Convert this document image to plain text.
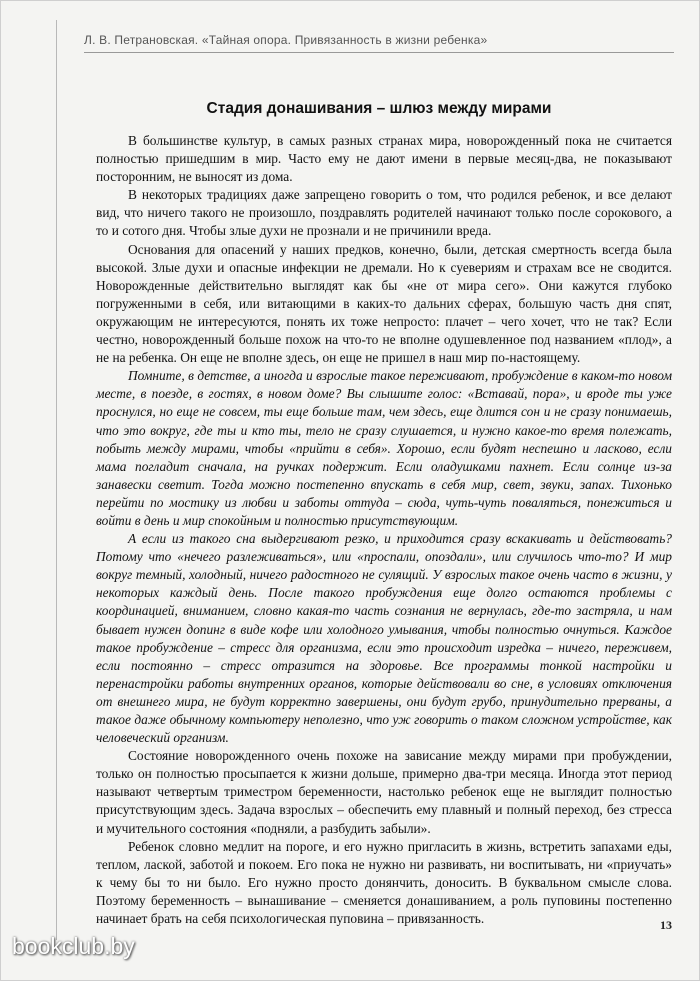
Л. В. Петрановская. «Тайная опора. Привязанность в жизни ребенка»
Стадия донашивания – шлюз между мирами

В большинстве культур, в самых разных странах мира, новорожденный пока не считается полностью пришедшим в мир. Часто ему не дают имени в первые месяц-два, не показывают посторонним, не выносят из дома.

В некоторых традициях даже запрещено говорить о том, что родился ребенок, и все делают вид, что ничего такого не произошло, поздравлять родителей начинают только после сорокового, а то и сотого дня. Чтобы злые духи не прознали и не причинили вреда.

Основания для опасений у наших предков, конечно, были, детская смертность всегда была высокой. Злые духи и опасные инфекции не дремали. Но к суевериям и страхам все не сводится. Новорожденные действительно выглядят как бы «не от мира сего». Они кажутся глубоко погруженными в себя, или витающими в каких-то дальних сферах, большую часть дня спят, окружающим не интересуются, понять их тоже непросто: плачет – чего хочет, что не так? Если честно, новорожденный больше похож на что-то не вполне одушевленное под названием «плод», а не на ребенка. Он еще не вполне здесь, он еще не пришел в наш мир по-настоящему.

Помните, в детстве, а иногда и взрослые такое переживают, пробуждение в каком-то новом месте, в поезде, в гостях, в новом доме? Вы слышите голос: «Вставай, пора», и вроде ты уже проснулся, но еще не совсем, ты еще больше там, чем здесь, еще длится сон и не сразу понимаешь, что это вокруг, где ты и кто ты, тело не сразу слушается, и нужно какое-то время полежать, побыть между мирами, чтобы «прийти в себя». Хорошо, если будят неспешно и ласково, если мама погладит сначала, на ручках подержит. Если оладушками пахнет. Если солнце из-за занавески светит. Тогда можно постепенно впускать в себя мир, свет, звуки, запах. Тихонько перейти по мостику из любви и заботы оттуда – сюда, чуть-чуть поваляться, понежиться и войти в день и мир спокойным и полностью присутствующим.

А если из такого сна выдергивают резко, и приходится сразу вскакивать и действовать? Потому что «нечего разлеживаться», или «проспали, опоздали», или случилось что-то? И мир вокруг темный, холодный, ничего радостного не сулящий. У взрослых такое очень часто в жизни, у некоторых каждый день. После такого пробуждения еще долго остаются проблемы с координацией, вниманием, словно какая-то часть сознания не вернулась, где-то застряла, и нам бывает нужен допинг в виде кофе или холодного умывания, чтобы полностью очнуться. Каждое такое пробуждение – стресс для организма, если это происходит изредка – ничего, переживем, если постоянно – стресс отразится на здоровье. Все программы тонкой настройки и перенаcтройки работы внутренних органов, которые действовали во сне, в условиях отключения от внешнего мира, не будут корректно завершены, они будут грубо, принудительно прерваны, а такое даже обычному компьютеру неполезно, что уж говорить о таком сложном устройстве, как человеческий организм.

Состояние новорожденного очень похоже на зависание между мирами при пробуждении, только он полностью просыпается к жизни дольше, примерно два-три месяца. Иногда этот период называют четвертым триместром беременности, настолько ребенок еще не выглядит полностью присутствующим здесь. Задача взрослых – обеспечить ему плавный и полный переход, без стресса и мучительного состояния «подняли, а разбудить забыли».

Ребенок словно медлит на пороге, и его нужно пригласить в жизнь, встретить запахами еды, теплом, лаской, заботой и покоем. Его пока не нужно ни развивать, ни воспитывать, ни «приучать» к чему бы то ни было. Его нужно просто донянчить, доносить. В буквальном смысле слова. Поэтому беременность – вынашивание – сменяется донашиванием, а роль пуповины постепенно начинает брать на себя психологическая пуповина – привязанность.	13
bookclub.by
